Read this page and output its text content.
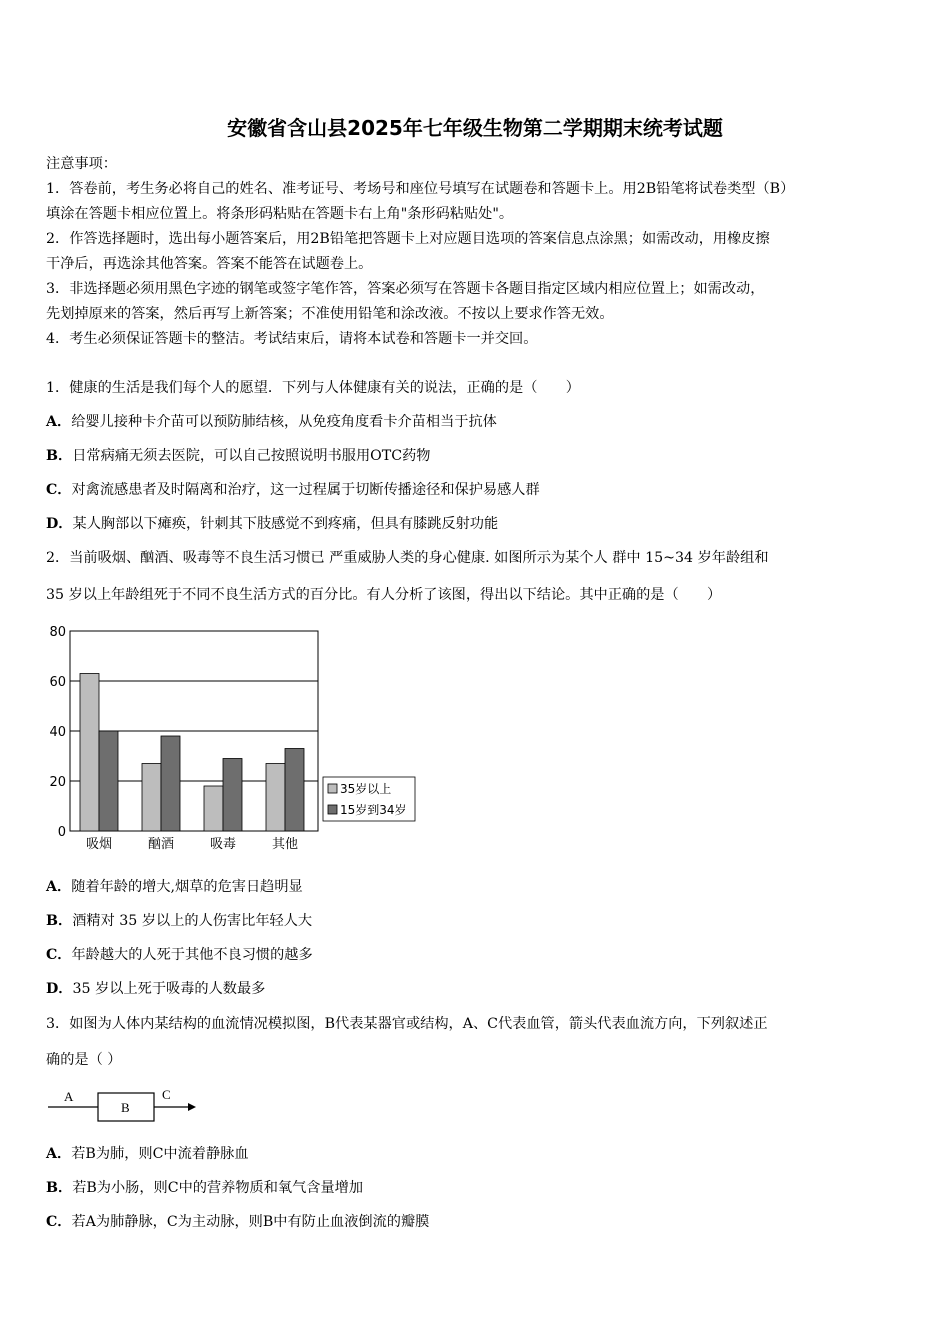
安徽省含山县2025年七年级生物第二学期期末统考试题
注意事项：
1．答卷前，考生务必将自己的姓名、准考证号、考场号和座位号填写在试题卷和答题卡上。用2B铅笔将试卷类型（B）
填涂在答题卡相应位置上。将条形码粘贴在答题卡右上角"条形码粘贴处"。
2．作答选择题时，选出每小题答案后，用2B铅笔把答题卡上对应题目选项的答案信息点涂黑；如需改动，用橡皮擦
干净后，再选涂其他答案。答案不能答在试题卷上。
3．非选择题必须用黑色字迹的钢笔或签字笔作答，答案必须写在答题卡各题目指定区域内相应位置上；如需改动，
先划掉原来的答案，然后再写上新答案；不准使用铅笔和涂改液。不按以上要求作答无效。
4．考生必须保证答题卡的整洁。考试结束后，请将本试卷和答题卡一并交回。
1．健康的生活是我们每个人的愿望．下列与人体健康有关的说法，正确的是（　　）
A．给婴儿接种卡介苗可以预防肺结核，从免疫角度看卡介苗相当于抗体
B．日常病痛无须去医院，可以自己按照说明书服用OTC药物
C．对禽流感患者及时隔离和治疗，这一过程属于切断传播途径和保护易感人群
D．某人胸部以下瘫痪，针刺其下肢感觉不到疼痛，但具有膝跳反射功能
2．当前吸烟、酗酒、吸毒等不良生活习惯已 严重威胁人类的身心健康. 如图所示为某个人 群中 15~34 岁年龄组和
35 岁以上年龄组死于不同不良生活方式的百分比。有人分析了该图，得出以下结论。其中正确的是（　　）
80
60
40
20
0
吸烟	酗酒	吸毒	其他
35岁以上
15岁到34岁
A．随着年龄的增大,烟草的危害日趋明显
B．酒精对 35 岁以上的人伤害比年轻人大
C．年龄越大的人死于其他不良习惯的越多
D．35 岁以上死于吸毒的人数最多
3．如图为人体内某结构的血流情况模拟图，B代表某器官或结构，A、C代表血管，箭头代表血流方向，下列叙述正
确的是（ ）
A
B
C
A．若B为肺，则C中流着静脉血
B．若B为小肠，则C中的营养物质和氧气含量增加
C．若A为肺静脉，C为主动脉，则B中有防止血液倒流的瓣膜
